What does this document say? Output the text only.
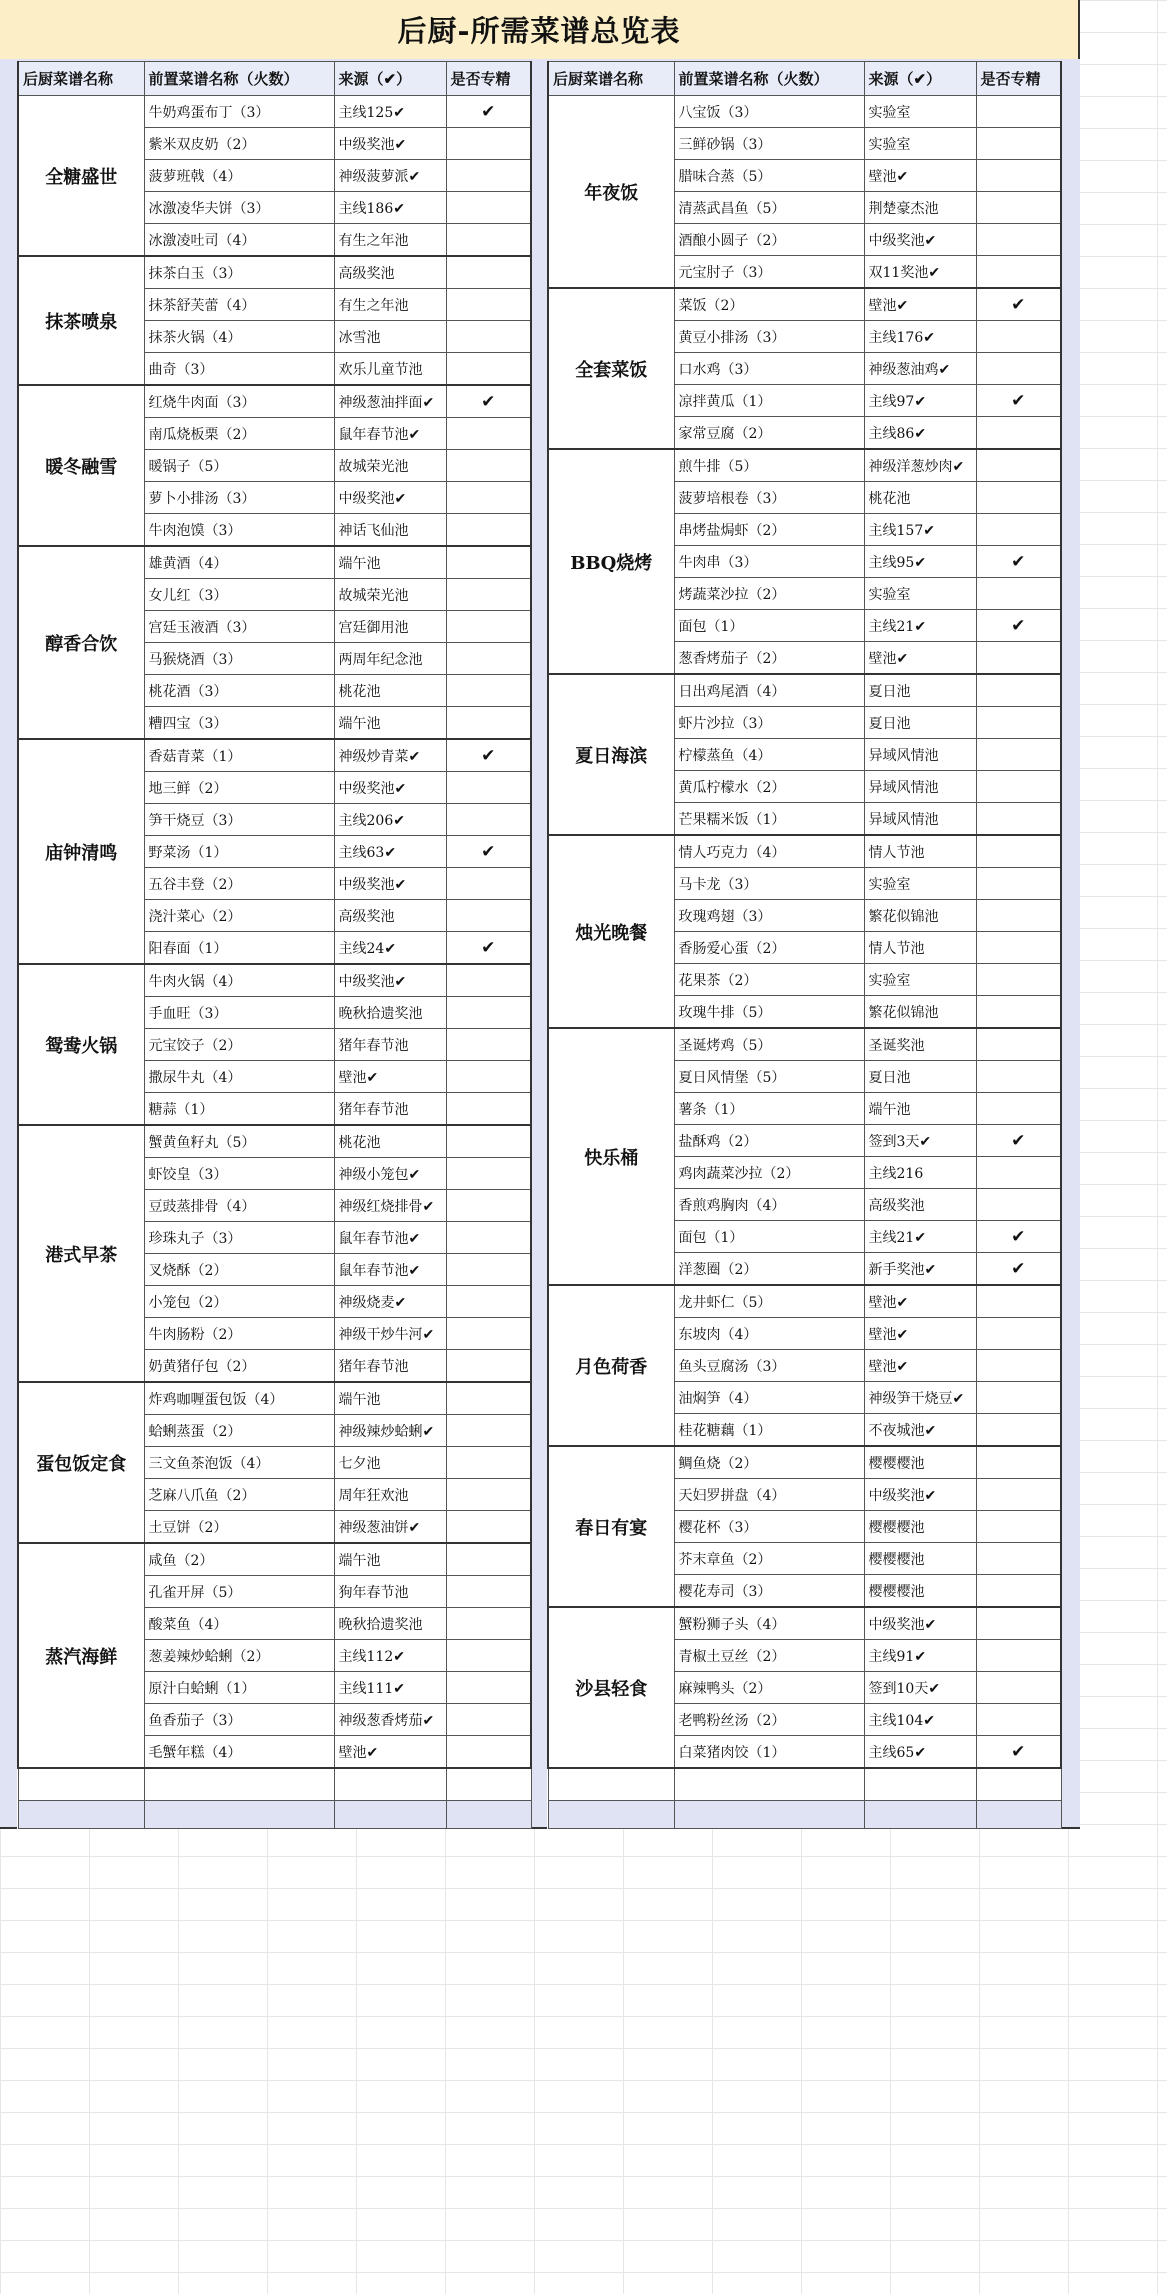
后厨-所需菜谱总览表
后厨菜谱名称	前置菜谱名称（火数）	来源（✔）	是否专精
全糖盛世	牛奶鸡蛋布丁（3）	主线125✔	✔
	紫米双皮奶（2）	中级奖池✔	
	菠萝班戟（4）	神级菠萝派✔	
	冰激凌华夫饼（3）	主线186✔	
	冰激凌吐司（4）	有生之年池	
抹茶喷泉	抹茶白玉（3）	高级奖池	
	抹茶舒芙蕾（4）	有生之年池	
	抹茶火锅（4）	冰雪池	
	曲奇（3）	欢乐儿童节池	
暖冬融雪	红烧牛肉面（3）	神级葱油拌面✔	✔
	南瓜烧板栗（2）	鼠年春节池✔	
	暖锅子（5）	故城荣光池	
	萝卜小排汤（3）	中级奖池✔	
	牛肉泡馍（3）	神话飞仙池	
醇香合饮	雄黄酒（4）	端午池	
	女儿红（3）	故城荣光池	
	宫廷玉液酒（3）	宫廷御用池	
	马猴烧酒（3）	两周年纪念池	
	桃花酒（3）	桃花池	
	糟四宝（3）	端午池	
庙钟清鸣	香菇青菜（1）	神级炒青菜✔	✔
	地三鲜（2）	中级奖池✔	
	笋干烧豆（3）	主线206✔	
	野菜汤（1）	主线63✔	✔
	五谷丰登（2）	中级奖池✔	
	浇汁菜心（2）	高级奖池	
	阳春面（1）	主线24✔	✔
鸳鸯火锅	牛肉火锅（4）	中级奖池✔	
	手血旺（3）	晚秋拾遗奖池	
	元宝饺子（2）	猪年春节池	
	撒尿牛丸（4）	壁池✔	
	糖蒜（1）	猪年春节池	
港式早茶	蟹黄鱼籽丸（5）	桃花池	
	虾饺皇（3）	神级小笼包✔	
	豆豉蒸排骨（4）	神级红烧排骨✔	
	珍珠丸子（3）	鼠年春节池✔	
	叉烧酥（2）	鼠年春节池✔	
	小笼包（2）	神级烧麦✔	
	牛肉肠粉（2）	神级干炒牛河✔	
	奶黄猪仔包（2）	猪年春节池	
蛋包饭定食	炸鸡咖喱蛋包饭（4）	端午池	
	蛤蜊蒸蛋（2）	神级辣炒蛤蜊✔	
	三文鱼茶泡饭（4）	七夕池	
	芝麻八爪鱼（2）	周年狂欢池	
	土豆饼（2）	神级葱油饼✔	
蒸汽海鲜	咸鱼（2）	端午池	
	孔雀开屏（5）	狗年春节池	
	酸菜鱼（4）	晚秋拾遗奖池	
	葱姜辣炒蛤蜊（2）	主线112✔	
	原汁白蛤蜊（1）	主线111✔	
	鱼香茄子（3）	神级葱香烤茄✔	
	毛蟹年糕（4）	壁池✔	

后厨菜谱名称	前置菜谱名称（火数）	来源（✔）	是否专精
年夜饭	八宝饭（3）	实验室	
	三鲜砂锅（3）	实验室	
	腊味合蒸（5）	壁池✔	
	清蒸武昌鱼（5）	荆楚豪杰池	
	酒酿小圆子（2）	中级奖池✔	
	元宝肘子（3）	双11奖池✔	
全套菜饭	菜饭（2）	壁池✔	✔
	黄豆小排汤（3）	主线176✔	
	口水鸡（3）	神级葱油鸡✔	
	凉拌黄瓜（1）	主线97✔	✔
	家常豆腐（2）	主线86✔	
BBQ烧烤	煎牛排（5）	神级洋葱炒肉✔	
	菠萝培根卷（3）	桃花池	
	串烤盐焗虾（2）	主线157✔	
	牛肉串（3）	主线95✔	✔
	烤蔬菜沙拉（2）	实验室	
	面包（1）	主线21✔	✔
	葱香烤茄子（2）	壁池✔	
夏日海滨	日出鸡尾酒（4）	夏日池	
	虾片沙拉（3）	夏日池	
	柠檬蒸鱼（4）	异域风情池	
	黄瓜柠檬水（2）	异域风情池	
	芒果糯米饭（1）	异域风情池	
烛光晚餐	情人巧克力（4）	情人节池	
	马卡龙（3）	实验室	
	玫瑰鸡翅（3）	繁花似锦池	
	香肠爱心蛋（2）	情人节池	
	花果茶（2）	实验室	
	玫瑰牛排（5）	繁花似锦池	
快乐桶	圣诞烤鸡（5）	圣诞奖池	
	夏日风情堡（5）	夏日池	
	薯条（1）	端午池	
	盐酥鸡（2）	签到3天✔	✔
	鸡肉蔬菜沙拉（2）	主线216	
	香煎鸡胸肉（4）	高级奖池	
	面包（1）	主线21✔	✔
	洋葱圈（2）	新手奖池✔	✔
月色荷香	龙井虾仁（5）	壁池✔	
	东坡肉（4）	壁池✔	
	鱼头豆腐汤（3）	壁池✔	
	油焖笋（4）	神级笋干烧豆✔	
	桂花糖藕（1）	不夜城池✔	
春日有宴	鲷鱼烧（2）	樱樱樱池	
	天妇罗拼盘（4）	中级奖池✔	
	樱花杯（3）	樱樱樱池	
	芥末章鱼（2）	樱樱樱池	
	樱花寿司（3）	樱樱樱池	
沙县轻食	蟹粉狮子头（4）	中级奖池✔	
	青椒土豆丝（2）	主线91✔	
	麻辣鸭头（2）	签到10天✔	
	老鸭粉丝汤（2）	主线104✔	
	白菜猪肉饺（1）	主线65✔	✔
